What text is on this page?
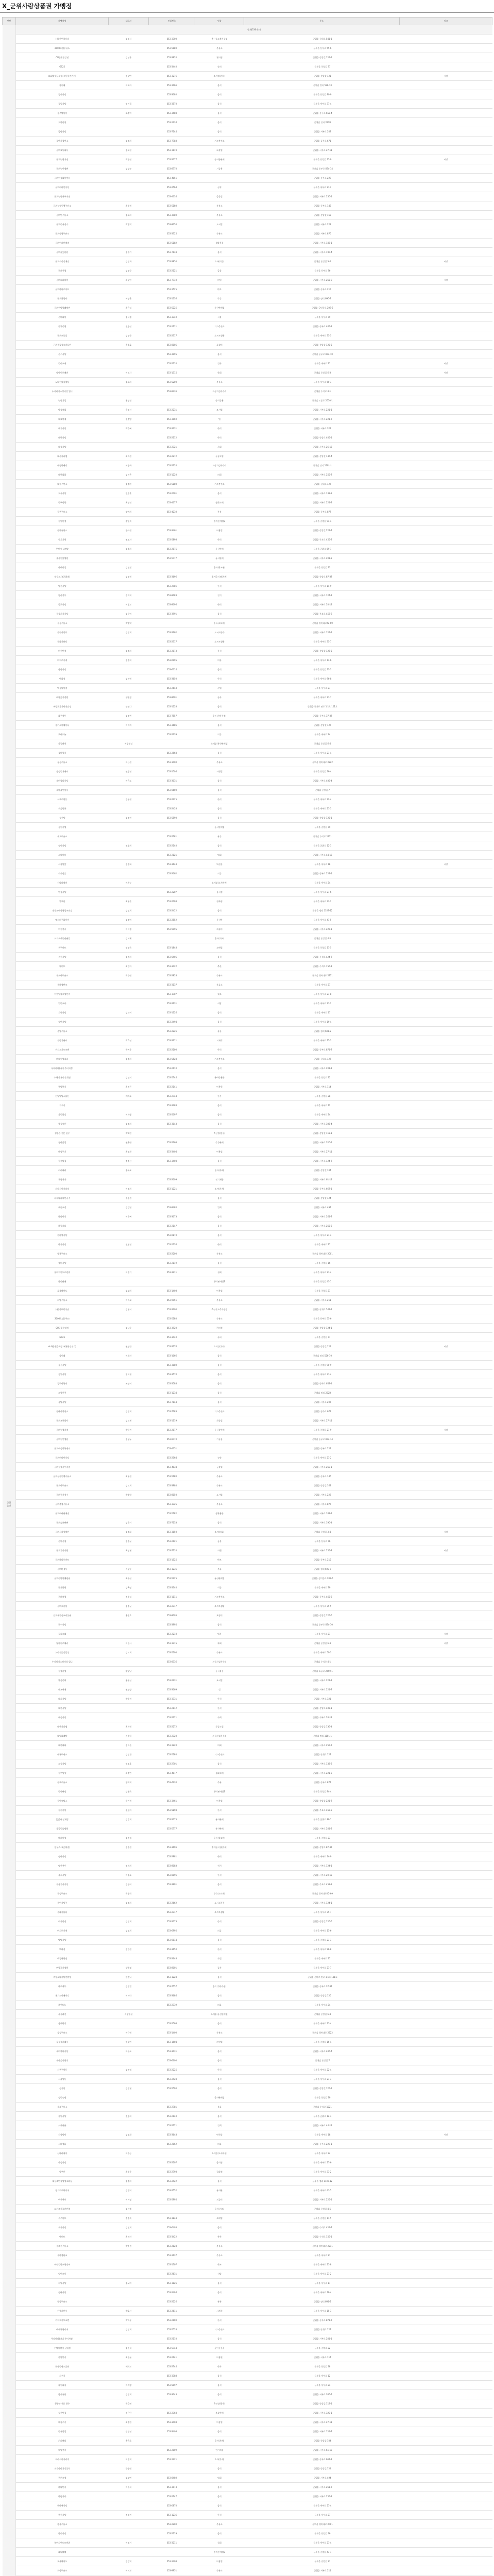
X_군위사랑상품권 가맹점
연번	가맹점명	대표자	전화번호	업종	주소	비고
군위
읍면	합계(336개소)					
	(유)진부렁이남	김영식	053-3300	축산물도축가공업	군위읍 군위로 541-1	
	2000호텔주유소		053-5180	주유소	군위읍 동부로 55-6	
	CU군위중앙점	김남우	053-3920	편의점	군위읍 중앙길 124-1	
	GS25		053-3440	슈퍼	군위읍 중앙길 77	
	sk화방현금화랑사(통합건진가)	권상만	053-3276	소매업(기타)	군위읍 중앙길 121	시장
	강이네	이화자	053-1066	음식	군위읍 정리 526-10	
	경신식당		053-3080	음식	군위읍 중앙길 90-9	
	경일식당	명이필	053-3570	음식	군위읍 서부로 37-4	
	경주떡볶이	조정미	053-3588	음식	군위읍 중구로 652-4	
	고향산천		053-1234	음식	군위읍 정리 222B	
	곰탕식당		053-7144	음식	군위읍 서부로 207	
	공판사철연소	김정희	053-7783	기스충전소	군위읍 공주로 671	
	군위교통회사	김도현	053-1119	화물업	군위읍 서부로 27-11	
	군위농협지점	박동진	053-2077	동식품판매	군위읍 중앙길 27-9	시장
	군위농인생판	김상누	053-8770	기공용	군위읍 동부로 874-14	
	군위여성회복센터		053-4051		군위읍 중부로 229	
	군위비타민식당		053-2564	농약	군위읍 서부로 21-2	
	군위농협서부지점		053-4034	금융업	군위읍 서부로 250-1	
	군위농협동행주유소	최형원	053-5180	주유소	군위읍 동부로 146	
	군위반주유소	김도희	053-3980	주유소	군위읍 중앙길 163	
	군위중서점수	박병탁	053-8050	도서업	군위읍 서부로 223	
	군위축협주유소		053-3325	주유소	군위읍 서부로 876	
	군위여러판매점		053-5182	생활용품	군위읍 서부로 183-1	
	군위슬롯판판	김순기	053-7133	음식	군위읍 서부로 190-4	
	군위시각장애인	김정화	053-3850	소매(의류)	군위읍 중앙길 3-4	시장
	군위신협	김정균	053-2121	금융	군위읍 동부로 76	
	군위치과의원	최상현	053-7710	의원	군위읍 서부로 255-8	시장
	군위하나로마트		053-1525	마트	군위읍 동부로 215	
	군위환경사	서상운	053-1236	주류	군위읍 정리 690-7	
	군위현방랑퀘펌판	최은섭	053-5225	통산판매업	군위읍 금덕동로 209-6	
	군위화원	김옥정	053-3340	식물	군위읍 서부로 79	
	군위축협	전종섭	053-1111	기스충전소	군위읍 동부로 465-2	
	군위조종설	김정균	053-2317	소프트생활	군위읍 서부로 35-5	
	근위부들정조비둘판	홍병호	053-8005	포장미	군위읍 중앙길 125-5	
	군수식당		053-3995	음식	군위읍 중부로 874-10	
	길리조대		053-2210	업사	군위읍 서부로 21	시장
	남아이로매커	이인사	053-1315	학회	군위읍 중앙길 6-3	시장
	노다전물실업상	김도희	053-5200	주유소	군위읍 서부로 50-3	
	누키비기스정비성 입니		053-8336	자동차검사수리	군위읍 수석로 4-1	
	농협기업	황상남		동식물용	군위읍 도공로 2550-1	
	달성축회	용영선	053-2231	조서업	군위읍 서부로 221-1	
	대교여재	권정양	053-3069	업	군위읍 서부로 221-7	
	대지식당	박수복	053-3331	한식	군위읍 서부로 321	
	대한식당		053-2112	한식	군위읍 중앙로 405-1	
	대성식당		053-2321	사회	군위읍 사부로 26-12	
	대산자피엠	최재원	053-2272	무공도업	군위읍 중앙길 136-4	
	대영화레탁	서종하	053-2320	자동차검사수리	군위읍 정리 1101-1	
	대한회화	김미은	053-1220	의회	군위읍 서부로 255-7	
	대룡주면소	김정환	053-5180	기스충전소	군위읍 군위로 127	
	꼬실식당	민정훈	053-2701	음식	군위읍 서부로 133-3	
	동부방향	최정민	053-4077	생화도매	군위읍 서부로 221-3	
	동부주유소	양배희	053-4230	주유	군위읍 동부로 877	
	동원판정	강현숙		통식판매업E	군위읍 중앙길 94-4	
	동웬유틸스	한기원	053-3461	미용업	군위읍 중앙길 221-7	
	등기기원	권선자	053-5898	한식	군위읍 주요로 455-3	
	못빛가 삼계탕	김경희	053-2075	통식판매	군위읍 군위로 89-1	
	올곡동물병원		053-5777	통식판매	군위읍 서부로 201-2	
	마레이성	김진철		음식(학교판)	군위읍 중앙길 23	
	탐구스사(군위점)	김정원	053-3696	휴게음식점(카페)	군위읍 중앙로 87-37	
	명산식당		053-2981	한식	군위읍 서부로 14-9	
	명산전투	정재희	053-8083	전기	군위읍 서부로 124-1	
	목포식당	이병도	053-8096	한식	군위읍 서부로 20-12	
	무상기식식당	김동미	053-3991	음식	군위읍 주요로 453-3	
	무성주유소	박병탁		주류(소도매)	군위읍 경북대로42-69	
	문연식당주	김정희	053-2662	도서소분주	군위읍 서부로 124-1	
	문화가뷰티		053-2317	소프트생활	군위읍 서부로 35-7	
	미진반점	김정희	053-2073	중식	군위읍 중앙길 126-5	
	미치로가게	김정희	053-6995	의류	군위읍 서부로 13-6	
	탕탕식당		053-6014	음식	군위읍 중앙길 23-3	
	백화점	김만원	053-3650	한식	군위읍 서부로 96-8	
	백경낙원점		053-2648	사업	군위읍 서부로 27	
	벼랑꽃가정원	생원정	053-8001	공사	군위읍 서부로 21-7	
	벼랑포차가닥전말정	안진나	053-1228	음식	군위읍 군위로 연로 1 1호 101호	
	화구세무	김정빈	053-7557	음식(가마주점)	군위읍 동부로 37-37	
	홍기소까매이니	이미라	053-3686	음식	군위읍 중앙길 126	
	브랜드뉴		053-2339	의류	군위읍 서부로 24	
	사공레선	서광철설		소매업(통신판매업)	군위읍 중앙길 6-4	
	삼메광식		053-2568	음식	군위읍 서부로 21-4	
	삼성주유소	이근원	053-1400	주유소	군위읍 경북대로 2222	
	삼성증거래시	연광진	053-1504	의원업	군위읍 중앙길 16-4	
	새미할다식당	이은도	053-3031	음식	군위읍 서부로 406-4	
	새마을인원식		053-6600	음식	군위읍 중앙길 7	
	서부주원동	김봉철	053-2225	한식	군위읍 서부로 22-4	
	서울양통		053-2428	음식	군위읍 서부로 21-3	
	성진당	김정현	053-5590	음식	군위읍 중앙길 125-1	
	성동송병			음식판매업	군위읍 중앙길 79	
	세요주유소		053-2781	유류	군위읍 수석로 1221	
	송원식당	전종희	053-2140	음식	군위읍 군위로 12-3	
	스퀘어뷰		053-2121	업회	군위읍 서부로 44-13	
	시장방앗	김정화	053-3648	떡산물	군위읍 서부로 18	시장
	시외정류		053-2062	의류	군위읍 동부로 229-1	
	신나라내마	이환능		소매업(도서비판)	군위읍 서부로 24	
	안성식당		053-2207	음식점	군위읍 서부로 27-6	
	알부산	최형순	053-2798	잡화점	군위읍 서부로 33-2	
	대동조면장영업조외삼	김정희	053-2422	음식	군위읍 정리 1107-12	
	명지의구화이어	김정미	053-2552	통식판	군위읍 서부로 41-5	
	여진센시	이시정	053-5995	외류미	군위읍 서부로 225-1	
	묘거조세공관판업	김시해		음식(키즈)	군위읍 중앙길 4-5	
	우주마트	정정숙	053-1848	소매업	군위읍 중앙길 11-5	
	우진식당	김진희	053-6405	음식	군위읍 수석로 424-7	
	웰미트	최만자	053-3422	축산	군위읍 수석로 156-1	
	우조산주유소	박주원	053-2828	주유소	군위읍 경북대로 2211	
	우하생판조		053-3137	주류소	군위읍 서부로 27	
	이원일학조영인씨		053-1707	학조	군위읍 서부로 21-8	
	일번조사		053-2631	식당	군위읍 서부로 21-2	
	지역식당	김노미	053-1126	음식	군위읍 서부로 17	
	정판식당		053-2494	음식	군위읍 서부로 19-4	
	중앙주유소		053-2226	유통	군위읍 정리 691-2	
	진행기판시	박호선	053-2611	시계식	군위읍 서부로 15-3	
	까치고기모조엔	박지우	053-2100	한식	군위읍 동부로 871-7	
	빠대통영리퍼	김정희	053-5528	기스충전소	군위읍 군위로 127	
	푸다바다(바디 주비지정)		053-2110	음식	군위읍 서부로 201-1	
	수채이야기 군위점	김인석	053-5744	유아동용품	군위읍 중앙로 22	
	풍양봉식	최진돈	053-2141	미용원	군위읍 서부로 114	
	한남빌딩스울산	배재도	053-2744	한우	군위읍 중앙길 28	
	지우식		053-3388	음식	군위읍 서부로 12	
	자동화실	이재왕	053-5097	음식	군위읍 서부로 24	
	함실유산	김정희	053-3043	음식	군위읍 서부로 306-4	
	청풍관 전문 한우	박호연		축산업(한우)	군위읍 중앙길 112-1	
	청산맛집	권은단	053-2368	주류판매	군위읍 서부로 320-1	
	해정주기	최정환	053-3404	미용업	군위읍 서부로 27-11	
	동흥밥집	정정선	053-3408	음식	군위읍 서부로 124-7	
	커피배리	홍유오		음식(카페)	군위읍 중앙길 104	
	체영전자		053-2009	전기제품	군위읍 서부로 61-13	
	파라시이자라작	이정희	053-1221	소매(가게)	군위읍 동부로 667-1	
	피자나라치킨공주	주종원		음식	군위읍 중앙길 124	
	푸른조정	김강연	053-8480	업회	군위읍 서부로 494	
	하나반식	이순복	053-3073	음식	군위읍 서부로 261-7	
	하림자다		053-2147	음식	군위읍 서부로 255-2	
	한바퀴식당		053-0870	음식	군위읍 서부로 21-4	
	한진식당	전영진	053-1236	한식	군위읍 서부로 27	
	행복주유소		053-2200	주유소	군위읍 경북대로 2001	
	향미식당		053-2119	음식	군위읍 중앙길 16	
	협미치연도르펀위	이정기	053-3211	칩회	군위읍 서부로 21-4	
	화니웨메			통식판매업E	군위읍 중앙길 43-1	
	효율헤어도	김강희	053-1408	미용업	군위읍 중앙길 21	
	희망주유소	이미보	053-9951	주유소	군위읍 서부로 211	
	(유)진부렁이남	김영식	053-3300	축산물도축가공업	군위읍 군위로 541-1	
	2000호텔주유소		053-5180	주유소	군위읍 동부로 55-6	
	CU군위중앙점	김남우	053-3920	편의점	군위읍 중앙길 124-1	
	GS25		053-3440	슈퍼	군위읍 중앙길 77	
	sk화방현금화랑사(통합건진가)	권상만	053-3276	소매업(기타)	군위읍 중앙길 121	시장
	강이네	이화자	053-1066	음식	군위읍 정리 526-10	
	경신식당		053-3080	음식	군위읍 중앙길 90-9	
	경일식당	명이필	053-3570	음식	군위읍 서부로 37-4	
	경주떡볶이	조정미	053-3588	음식	군위읍 중구로 652-4	
	고향산천		053-1234	음식	군위읍 정리 222B	
	곰탕식당		053-7144	음식	군위읍 서부로 207	
	공판사철연소	김정희	053-7783	기스충전소	군위읍 공주로 671	
	군위교통회사	김도현	053-1119	화물업	군위읍 서부로 27-11	
	군위농협지점	박동진	053-2077	동식품판매	군위읍 중앙길 27-9	시장
	군위농인생판	김상누	053-8770	기공용	군위읍 동부로 874-14	
	군위여성회복센터		053-4051		군위읍 중부로 229	
	군위비타민식당		053-2564	농약	군위읍 서부로 21-2	
	군위농협서부지점		053-4034	금융업	군위읍 서부로 250-1	
	군위농협동행주유소	최형원	053-5180	주유소	군위읍 동부로 146	
	군위반주유소	김도희	053-3980	주유소	군위읍 중앙길 163	
	군위중서점수	박병탁	053-8050	도서업	군위읍 서부로 223	
	군위축협주유소		053-3325	주유소	군위읍 서부로 876	
	군위여러판매점		053-5182	생활용품	군위읍 서부로 183-1	
	군위슬롯판판	김순기	053-7133	음식	군위읍 서부로 190-4	
	군위시각장애인	김정화	053-3850	소매(의류)	군위읍 중앙길 3-4	시장
	군위신협	김정균	053-2121	금융	군위읍 동부로 76	
	군위치과의원	최상현	053-7710	의원	군위읍 서부로 255-8	시장
	군위하나로마트		053-1525	마트	군위읍 동부로 215	
	군위환경사	서상운	053-1236	주류	군위읍 정리 690-7	
	군위현방랑퀘펌판	최은섭	053-5225	통산판매업	군위읍 금덕동로 209-6	
	군위화원	김옥정	053-3340	식물	군위읍 서부로 79	
	군위축협	전종섭	053-1111	기스충전소	군위읍 동부로 465-2	
	군위조종설	김정균	053-2317	소프트생활	군위읍 서부로 35-5	
	근위부들정조비둘판	홍병호	053-8005	포장미	군위읍 중앙길 125-5	
	군수식당		053-3995	음식	군위읍 중부로 874-10	
	길리조대		053-2210	업사	군위읍 서부로 21	시장
	남아이로매커	이인사	053-1315	학회	군위읍 중앙길 6-3	시장
	노다전물실업상	김도희	053-5200	주유소	군위읍 서부로 50-3	
	누키비기스정비성 입니		053-8336	자동차검사수리	군위읍 수석로 4-1	
	농협기업	황상남		동식물용	군위읍 도공로 2550-1	
	달성축회	용영선	053-2231	조서업	군위읍 서부로 221-1	
	대교여재	권정양	053-3069	업	군위읍 서부로 221-7	
	대지식당	박수복	053-3331	한식	군위읍 서부로 321	
	대한식당		053-2112	한식	군위읍 중앙로 405-1	
	대성식당		053-2321	사회	군위읍 사부로 26-12	
	대산자피엠	최재원	053-2272	무공도업	군위읍 중앙길 136-4	
	대영화레탁	서종하	053-2320	자동차검사수리	군위읍 정리 1101-1	
	대한회화	김미은	053-1220	의회	군위읍 서부로 255-7	
	대룡주면소	김정환	053-5180	기스충전소	군위읍 군위로 127	
	꼬실식당	민정훈	053-2701	음식	군위읍 서부로 133-3	
	동부방향	최정민	053-4077	생화도매	군위읍 서부로 221-3	
	동부주유소	양배희	053-4230	주유	군위읍 동부로 877	
	동원판정	강현숙		통식판매업E	군위읍 중앙길 94-4	
	동웬유틸스	한기원	053-3461	미용업	군위읍 중앙길 221-7	
	등기기원	권선자	053-5898	한식	군위읍 주요로 455-3	
	못빛가 삼계탕	김경희	053-2075	통식판매	군위읍 군위로 89-1	
	올곡동물병원		053-5777	통식판매	군위읍 서부로 201-2	
	마레이성	김진철		음식(학교판)	군위읍 중앙길 23	
	탐구스사(군위점)	김정원	053-3696	휴게음식점(카페)	군위읍 중앙로 87-37	
	명산식당		053-2981	한식	군위읍 서부로 14-9	
	명산전투	정재희	053-8083	전기	군위읍 서부로 124-1	
	목포식당	이병도	053-8096	한식	군위읍 서부로 20-12	
	무상기식식당	김동미	053-3991	음식	군위읍 주요로 453-3	
	무성주유소	박병탁		주류(소도매)	군위읍 경북대로42-69	
	문연식당주	김정희	053-2662	도서소분주	군위읍 서부로 124-1	
	문화가뷰티		053-2317	소프트생활	군위읍 서부로 35-7	
	미진반점	김정희	053-2073	중식	군위읍 중앙길 126-5	
	미치로가게	김정희	053-6995	의류	군위읍 서부로 13-6	
	탕탕식당		053-6014	음식	군위읍 중앙길 23-3	
	백화점	김만원	053-3650	한식	군위읍 서부로 96-8	
	백경낙원점		053-2648	사업	군위읍 서부로 27	
	벼랑꽃가정원	생원정	053-8001	공사	군위읍 서부로 21-7	
	벼랑포차가닥전말정	안진나	053-1228	음식	군위읍 군위로 연로 1 1호 101호	
	화구세무	김정빈	053-7557	음식(가마주점)	군위읍 동부로 37-37	
	홍기소까매이니	이미라	053-3686	음식	군위읍 중앙길 126	
	브랜드뉴		053-2339	의류	군위읍 서부로 24	
	사공레선	서광철설		소매업(통신판매업)	군위읍 중앙길 6-4	
	삼메광식		053-2568	음식	군위읍 서부로 21-4	
	삼성주유소	이근원	053-1400	주유소	군위읍 경북대로 2222	
	삼성증거래시	연광진	053-1504	의원업	군위읍 중앙길 16-4	
	새미할다식당	이은도	053-3031	음식	군위읍 서부로 406-4	
	새마을인원식		053-6600	음식	군위읍 중앙길 7	
	서부주원동	김봉철	053-2225	한식	군위읍 서부로 22-4	
	서울양통		053-2428	음식	군위읍 서부로 21-3	
	성진당	김정현	053-5590	음식	군위읍 중앙길 125-1	
	성동송병			음식판매업	군위읍 중앙길 79	
	세요주유소		053-2781	유류	군위읍 수석로 1221	
	송원식당	전종희	053-2140	음식	군위읍 군위로 12-3	
	스퀘어뷰		053-2121	업회	군위읍 서부로 44-13	
	시장방앗	김정화	053-3648	떡산물	군위읍 서부로 18	시장
	시외정류		053-2062	의류	군위읍 동부로 229-1	
	신나라내마	이환능		소매업(도서비판)	군위읍 서부로 24	
	안성식당		053-2207	음식점	군위읍 서부로 27-6	
	알부산	최형순	053-2798	잡화점	군위읍 서부로 33-2	
	대동조면장영업조외삼	김정희	053-2422	음식	군위읍 정리 1107-12	
	명지의구화이어	김정미	053-2552	통식판	군위읍 서부로 41-5	
	여진센시	이시정	053-5995	외류미	군위읍 서부로 225-1	
	묘거조세공관판업	김시해		음식(키즈)	군위읍 중앙길 4-5	
	우주마트	정정숙	053-1848	소매업	군위읍 중앙길 11-5	
	우진식당	김진희	053-6405	음식	군위읍 수석로 424-7	
	웰미트	최만자	053-3422	축산	군위읍 수석로 156-1	
	우조산주유소	박주원	053-2828	주유소	군위읍 경북대로 2211	
	우하생판조		053-3137	주류소	군위읍 서부로 27	
	이원일학조영인씨		053-1707	학조	군위읍 서부로 21-8	
	일번조사		053-2631	식당	군위읍 서부로 21-2	
	지역식당	김노미	053-1126	음식	군위읍 서부로 17	
	정판식당		053-2494	음식	군위읍 서부로 19-4	
	중앙주유소		053-2226	유통	군위읍 정리 691-2	
	진행기판시	박호선	053-2611	시계식	군위읍 서부로 15-3	
	까치고기모조엔	박지우	053-2100	한식	군위읍 동부로 871-7	
	빠대통영리퍼	김정희	053-5528	기스충전소	군위읍 군위로 127	
	푸다바다(바디 주비지정)		053-2110	음식	군위읍 서부로 201-1	
	수채이야기 군위점	김인석	053-5744	유아동용품	군위읍 중앙로 22	
	풍양봉식	최진돈	053-2141	미용원	군위읍 서부로 114	
	한남빌딩스울산	배재도	053-2744	한우	군위읍 중앙길 28	
	지우식		053-3388	음식	군위읍 서부로 12	
	자동화실	이재왕	053-5097	음식	군위읍 서부로 24	
	함실유산	김정희	053-3043	음식	군위읍 서부로 306-4	
	청풍관 전문 한우	박호연		축산업(한우)	군위읍 중앙길 112-1	
	청산맛집	권은단	053-2368	주류판매	군위읍 서부로 320-1	
	해정주기	최정환	053-3404	미용업	군위읍 서부로 27-11	
	동흥밥집	정정선	053-3408	음식	군위읍 서부로 124-7	
	커피배리	홍유오		음식(카페)	군위읍 중앙길 104	
	체영전자		053-2009	전기제품	군위읍 서부로 61-13	
	파라시이자라작	이정희	053-1221	소매(가게)	군위읍 동부로 667-1	
	피자나라치킨공주	주종원		음식	군위읍 중앙길 124	
	푸른조정	김강연	053-8480	업회	군위읍 서부로 494	
	하나반식	이순복	053-3073	음식	군위읍 서부로 261-7	
	하림자다		053-2147	음식	군위읍 서부로 255-2	
	한바퀴식당		053-0870	음식	군위읍 서부로 21-4	
	한진식당	전영진	053-1236	한식	군위읍 서부로 27	
	행복주유소		053-2200	주유소	군위읍 경북대로 2001	
	향미식당		053-2119	음식	군위읍 중앙길 16	
	협미치연도르펀위	이정기	053-3211	칩회	군위읍 서부로 21-4	
	화니웨메			통식판매업E	군위읍 중앙길 43-1	
	효율헤어도	김강희	053-1408	미용업	군위읍 중앙길 21	
	희망주유소	이미보	053-9951	주유소	군위읍 서부로 211	
